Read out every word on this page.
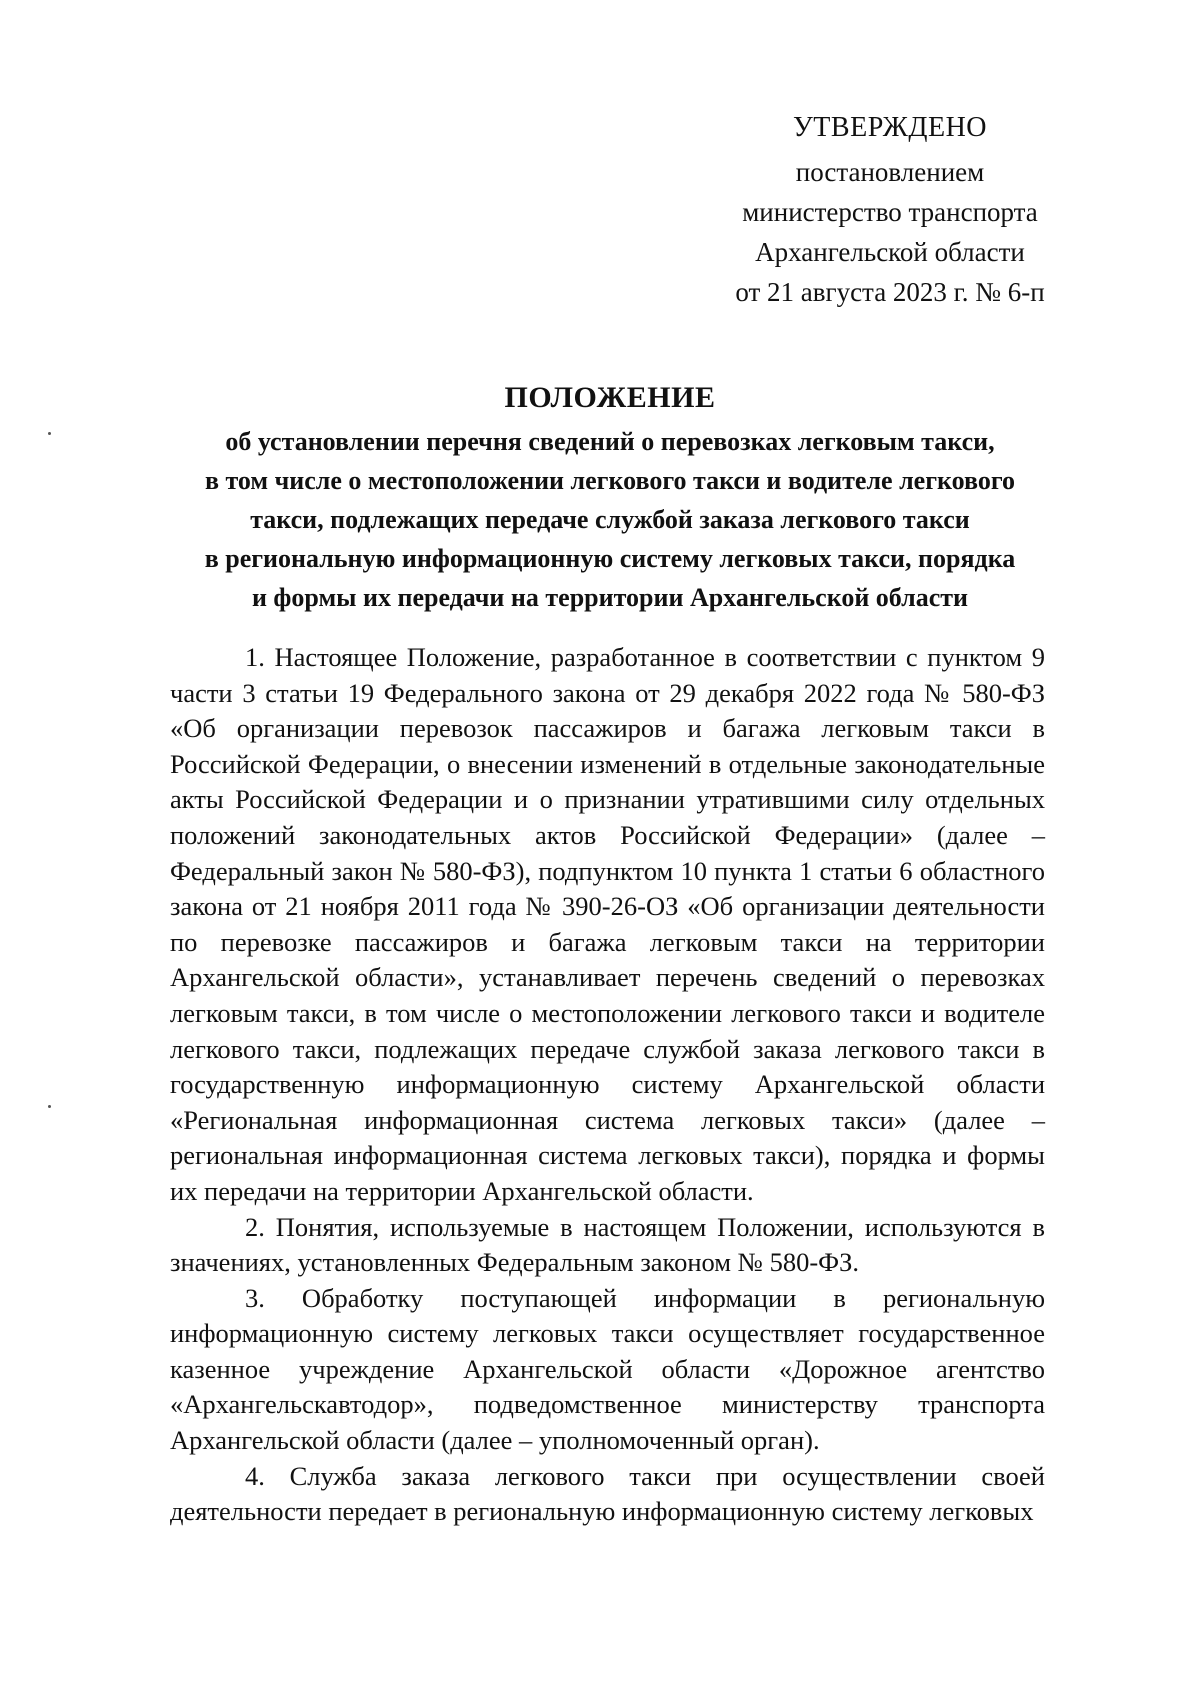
УТВЕРЖДЕНО
постановлением
министерство транспорта
Архангельской области
от 21 августа 2023 г. № 6-п
ПОЛОЖЕНИЕ
об установлении перечня сведений о перевозках легковым такси,
в том числе о местоположении легкового такси и водителе легкового
такси, подлежащих передаче службой заказа легкового такси
в региональную информационную систему легковых такси, порядка
и формы их передачи на территории Архангельской области

1. Настоящее Положение, разработанное в соответствии с пунктом 9 части 3 статьи 19 Федерального закона от 29 декабря 2022 года № 580-ФЗ «Об организации перевозок пассажиров и багажа легковым такси в Российской Федерации, о внесении изменений в отдельные законодательные акты Российской Федерации и о признании утратившими силу отдельных положений законодательных актов Российской Федерации» (далее – Федеральный закон № 580-ФЗ), подпунктом 10 пункта 1 статьи 6 областного закона от 21 ноября 2011 года № 390-26-ОЗ «Об организации деятельности по перевозке пассажиров и багажа легковым такси на территории Архангельской области», устанавливает перечень сведений о перевозках легковым такси, в том числе о местоположении легкового такси и водителе легкового такси, подлежащих передаче службой заказа легкового такси в государственную информационную систему Архангельской области «Региональная информационная система легковых такси» (далее – региональная информационная система легковых такси), порядка и формы их передачи на территории Архангельской области.

2. Понятия, используемые в настоящем Положении, используются в значениях, установленных Федеральным законом № 580-ФЗ.

3. Обработку поступающей информации в региональную информационную систему легковых такси осуществляет государственное казенное учреждение Архангельской области «Дорожное агентство «Архангельскавтодор», подведомственное министерству транспорта Архангельской области (далее – уполномоченный орган).

4. Служба заказа легкового такси при осуществлении своей деятельности передает в региональную информационную систему легковых
